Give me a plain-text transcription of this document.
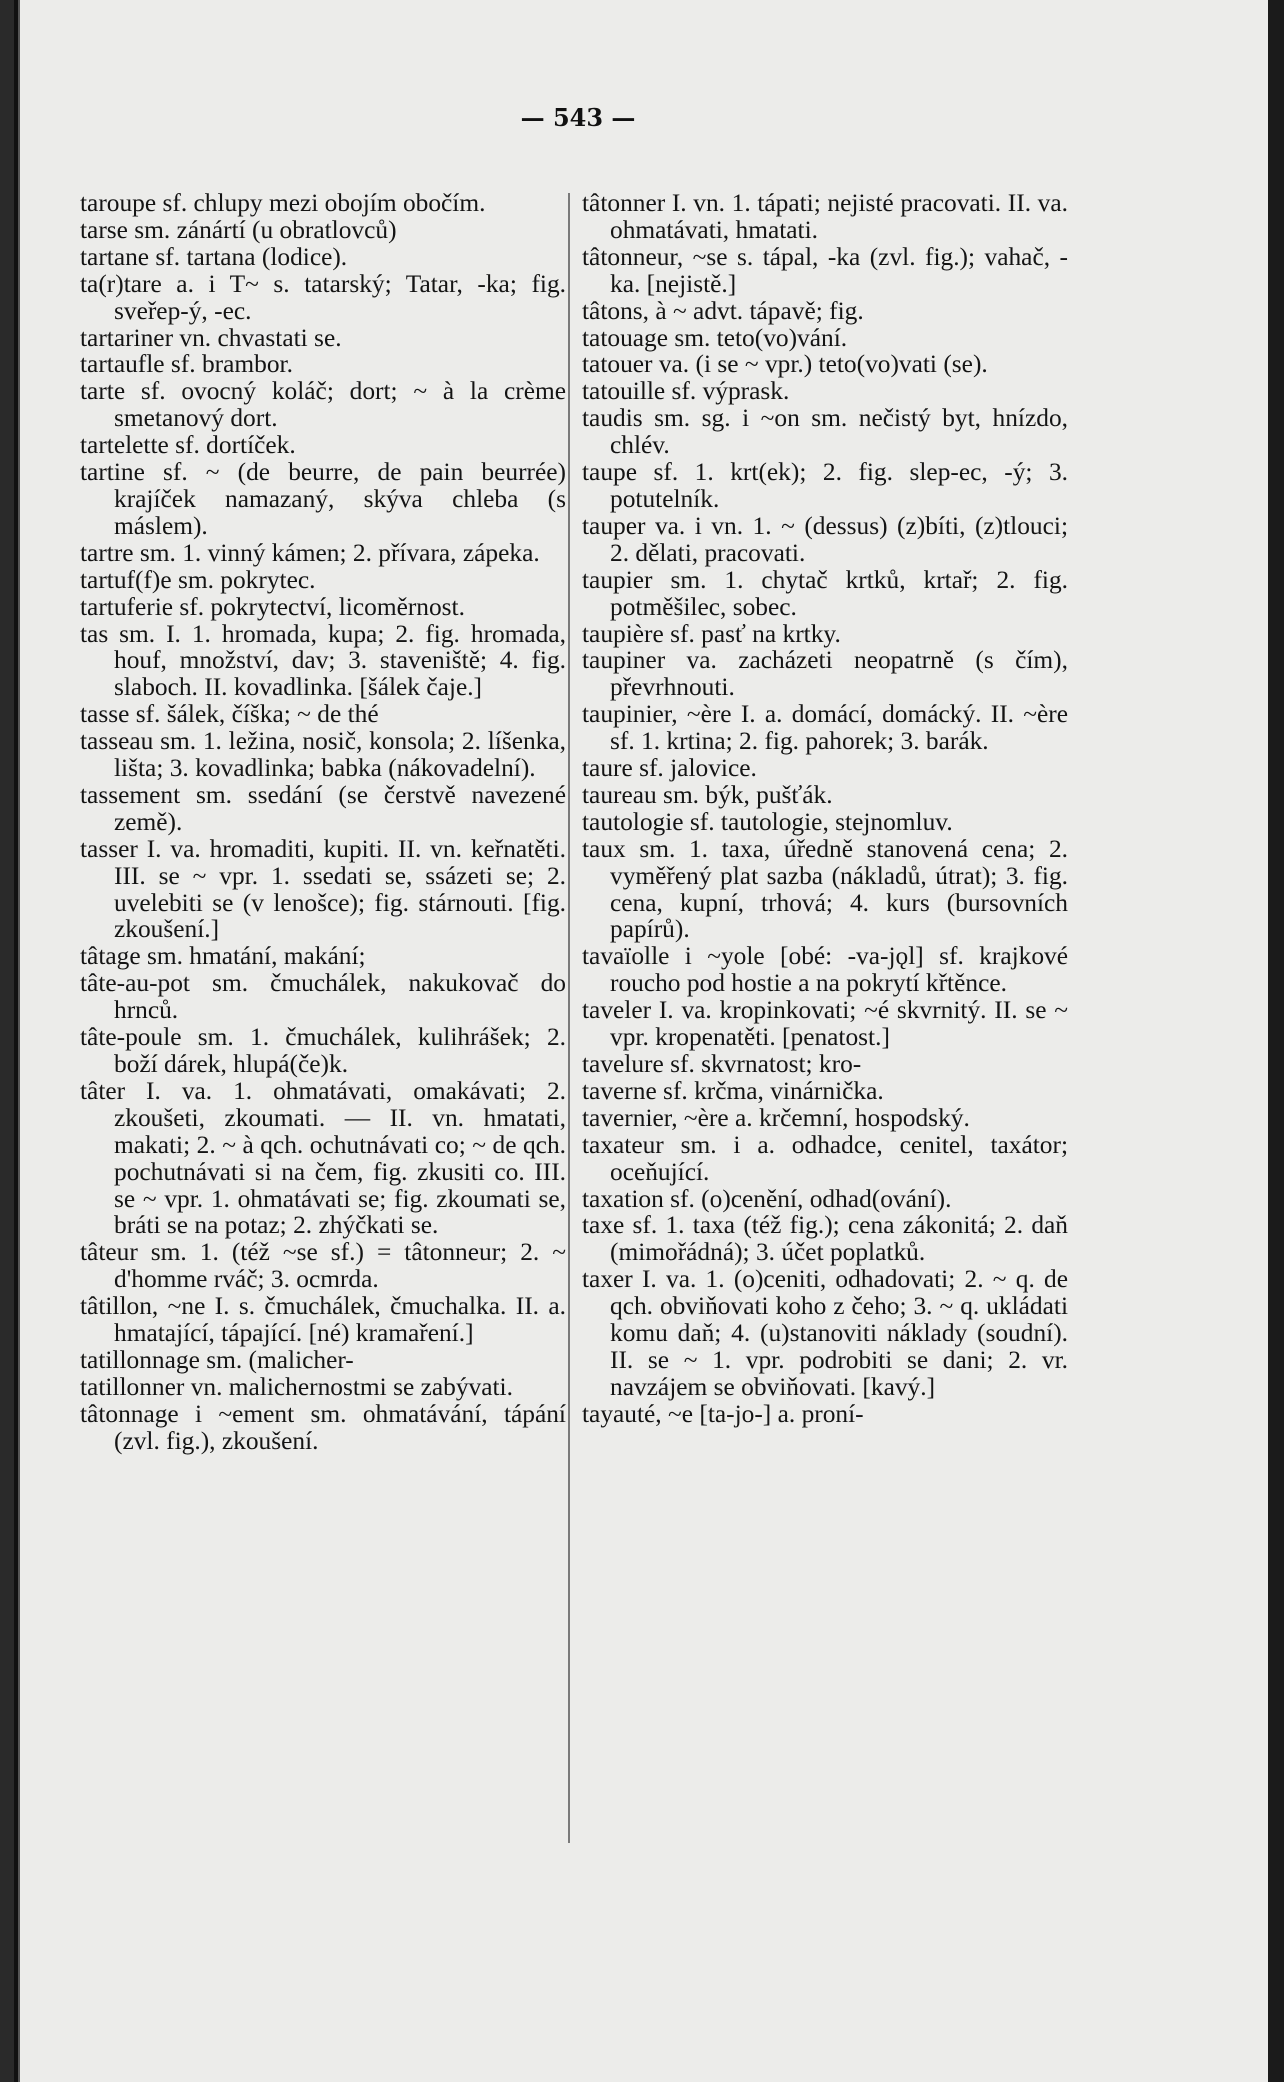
— 543 —

taroupe sf. chlupy mezi obojím obočím.

tarse sm. zánártí (u obratlovců)

tartane sf. tartana (lodice).

ta(r)tare a. i T~ s. tatarský; Tatar, -ka; fig. sveřep-ý, -ec.

tartariner vn. chvastati se.

tartaufle sf. brambor.

tarte sf. ovocný koláč; dort; ~ à la crème smetanový dort.

tartelette sf. dortíček.

tartine sf. ~ (de beurre, de pain beurrée) krajíček namazaný, skýva chleba (s máslem).

tartre sm. 1. vinný kámen; 2. přívara, zápeka.

tartuf(f)e sm. pokrytec.

tartuferie sf. pokrytectví, licoměrnost.

tas sm. I. 1. hromada, kupa; 2. fig. hromada, houf, množství, dav; 3. staveniště; 4. fig. slaboch. II. kovadlinka. [šálek čaje.]

tasse sf. šálek, číška; ~ de thé

tasseau sm. 1. ležina, nosič, konsola; 2. líšenka, lišta; 3. kovadlinka; babka (nákovadelní).

tassement sm. ssedání (se čerstvě navezené země).

tasser I. va. hromaditi, kupiti. II. vn. keřnatěti. III. se ~ vpr. 1. ssedati se, ssázeti se; 2. uvelebiti se (v lenošce); fig. stárnouti. [fig. zkoušení.]

tâtage sm. hmatání, makání;

tâte-au-pot sm. čmuchálek, nakukovač do hrnců.

tâte-poule sm. 1. čmuchálek, kulihrášek; 2. boží dárek, hlupá(če)k.

tâter I. va. 1. ohmatávati, omakávati; 2. zkoušeti, zkoumati. — II. vn. hmatati, makati; 2. ~ à qch. ochutnávati co; ~ de qch. pochutnávati si na čem, fig. zkusiti co. III. se ~ vpr. 1. ohmatávati se; fig. zkoumati se, bráti se na potaz; 2. zhýčkati se.

tâteur sm. 1. (též ~se sf.) = tâtonneur; 2. ~ d'homme rváč; 3. ocmrda.

tâtillon, ~ne I. s. čmuchálek, čmuchalka. II. a. hmatající, tápající. [né) kramaření.]

tatillonnage sm. (malicher-

tatillonner vn. malichernostmi se zabývati.

tâtonnage i ~ement sm. ohmatávání, tápání (zvl. fig.), zkoušení.

tâtonner I. vn. 1. tápati; nejisté pracovati. II. va. ohmatávati, hmatati.

tâtonneur, ~se s. tápal, -ka (zvl. fig.); vahač, -ka. [nejistě.]

tâtons, à ~ advt. tápavě; fig.

tatouage sm. teto(vo)vání.

tatouer va. (i se ~ vpr.) teto(vo)vati (se).

tatouille sf. výprask.

taudis sm. sg. i ~on sm. nečistý byt, hnízdo, chlév.

taupe sf. 1. krt(ek); 2. fig. slep-ec, -ý; 3. potutelník.

tauper va. i vn. 1. ~ (dessus) (z)bíti, (z)tlouci; 2. dělati, pracovati.

taupier sm. 1. chytač krtků, krtař; 2. fig. potměšilec, sobec.

taupière sf. pasť na krtky.

taupiner va. zacházeti neopatrně (s čím), převrhnouti.

taupinier, ~ère I. a. domácí, domácký. II. ~ère sf. 1. krtina; 2. fig. pahorek; 3. barák.

taure sf. jalovice.

taureau sm. býk, pušťák.

tautologie sf. tautologie, stejnomluv.

taux sm. 1. taxa, úředně stanovená cena; 2. vyměřený plat sazba (nákladů, útrat); 3. fig. cena, kupní, trhová; 4. kurs (bursovních papírů).

tavaïolle i ~yole [obé: -va-jǫl] sf. krajkové roucho pod hostie a na pokrytí křtěnce.

taveler I. va. kropinkovati; ~é skvrnitý. II. se ~ vpr. kropenatěti. [penatost.]

tavelure sf. skvrnatost; kro-

taverne sf. krčma, vinárnička.

tavernier, ~ère a. krčemní, hospodský.

taxateur sm. i a. odhadce, cenitel, taxátor; oceňující.

taxation sf. (o)cenění, odhad(ování).

taxe sf. 1. taxa (též fig.); cena zákonitá; 2. daň (mimořádná); 3. účet poplatků.

taxer I. va. 1. (o)ceniti, odhadovati; 2. ~ q. de qch. obviňovati koho z čeho; 3. ~ q. ukládati komu daň; 4. (u)stanoviti náklady (soudní). II. se ~ 1. vpr. podrobiti se dani; 2. vr. navzájem se obviňovati. [kavý.]

tayauté, ~e [ta-jo-] a. proní-
